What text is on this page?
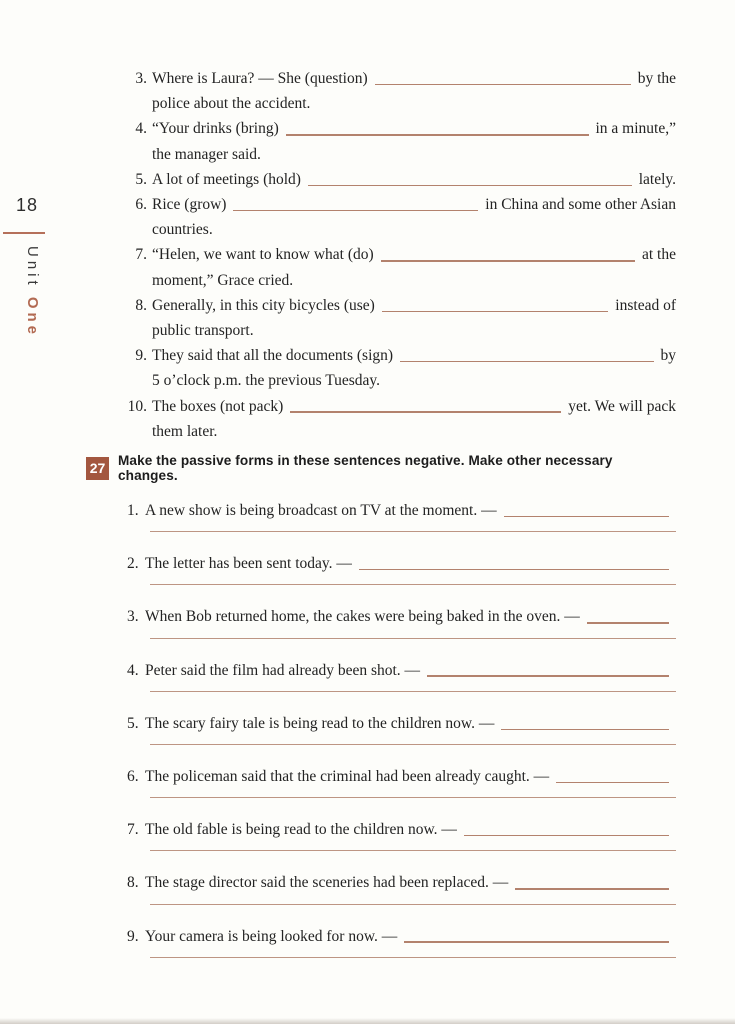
18
Unit One
3. Where is Laura? — She (question)	by the
police about the accident.
4. “Your drinks (bring)	in a minute,”
the manager said.
5. A lot of meetings (hold)	lately.
6. Rice (grow)	in China and some other Asian
countries.
7. “Helen, we want to know what (do)	at the
moment,” Grace cried.
8. Generally, in this city bicycles (use)	instead of
public transport.
9. They said that all the documents (sign)	by
5 o’clock p.m. the previous Tuesday.
10. The boxes (not pack)	yet. We will pack
them later.
27 Make the passive forms in these sentences negative. Make other necessary changes.
1. A new show is being broadcast on TV at the moment. —
2. The letter has been sent today. —
3. When Bob returned home, the cakes were being baked in the oven. —
4. Peter said the film had already been shot. —
5. The scary fairy tale is being read to the children now. —
6. The policeman said that the criminal had been already caught. —
7. The old fable is being read to the children now. —
8. The stage director said the sceneries had been replaced. —
9. Your camera is being looked for now. —
